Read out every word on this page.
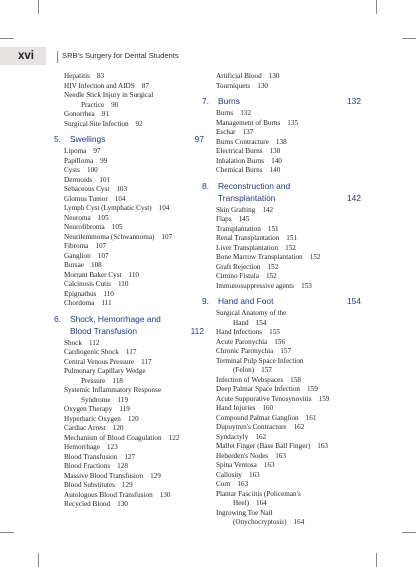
xvi	SRB's Surgery for Dental Students
Hepatitis 83
HIV Infection and AIDS 87
Needle Stick Injury in Surgical
Practice 90
Gonorrhea 91
Surgical Site Infection 92
5.	Swellings	97
Lipoma 97
Papilloma 99
Cysts 100
Dermoids 101
Sebaceous Cyst 103
Glomus Tumor 104
Lymph Cyst (Lymphatic Cyst) 104
Neuroma 105
Neurofibroma 105
Neurilemmoma (Schwannoma) 107
Fibroma 107
Ganglion 107
Bursae 108
Morrant Baker Cyst 110
Calcinosis Cutis 110
Epignathus 110
Chordoma 111
6.	Shock, Hemorrhage and
Blood Transfusion	112
Shock 112
Cardiogenic Shock 117
Central Venous Pressure 117
Pulmonary Capillary Wedge
Pressure 118
Systemic Inflammatory Response
Syndrome 119
Oxygen Therapy 119
Hyperbaric Oxygen 120
Cardiac Arrest 120
Mechanism of Blood Coagulation 122
Hemorrhage 123
Blood Transfusion 127
Blood Fractions 128
Massive Blood Transfusion 129
Blood Substitutes 129
Autologous Blood Transfusion 130
Recycled Blood 130
Artificial Blood 130
Tourniquets 130
7.	Burns	132
Burns 132
Management of Burns 135
Eschar 137
Burns Contracture 138
Electrical Burns 138
Inhalation Burns 140
Chemical Burns 140
8.	Reconstruction and
Transplantation	142
Skin Grafting 142
Flaps 145
Transplantation 151
Renal Transplantation 151
Liver Transplantation 152
Bone Marrow Transplantation 152
Graft Rejection 152
Cimino Fistula 152
Immunosuppressive agents 153
9.	Hand and Foot	154
Surgical Anatomy of the
Hand 154
Hand Infections 155
Acute Paronychia 156
Chronic Paronychia 157
Terminal Pulp Space Infection
(Felon) 157
Infection of Webspaces 158
Deep Palmar Space Infection 159
Acute Suppurative Tenosynovitis 159
Hand Injuries 160
Compound Palmar Ganglion 161
Dupuytren's Contracture 162
Syndactyly 162
Mallet Finger (Base Ball Finger) 163
Heberden's Nodes 163
Spina Ventosa 163
Callosity 163
Corn 163
Plantar Fasciitis (Policeman's
Heel) 164
Ingrowing Toe Nail
(Onychocryptosis) 164
